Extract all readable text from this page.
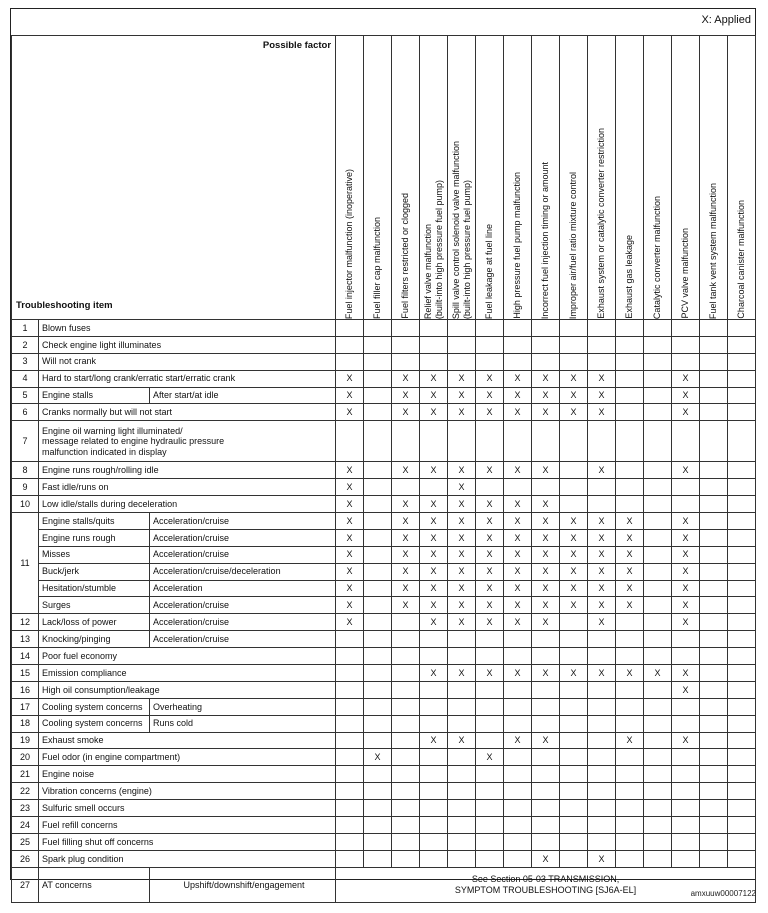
X: Applied
Possible factor
Troubleshooting item			Fuel injector malfunction (inoperative)	Fuel filler cap malfunction	Fuel filters restricted or clogged	Relief valve malfunction
(built-into high pressure fuel pump)	Spill valve control solenoid valve malfunction
(built-into high pressure fuel pump)	Fuel leakage at fuel line	High pressure fuel pump malfunction	Incorrect fuel injection timing or amount	Improper air/fuel ratio mixture control	Exhaust system or catalytic converter restriction	Exhaust gas leakage	Catalytic converter malfunction	PCV valve malfunction	Fuel tank vent system malfunction	Charcoal canister malfunction

1	Blown fuses																
2	Check engine light illuminates																
3	Will not crank																
4	Hard to start/long crank/erratic start/erratic crank		X		X	X	X	X	X	X	X	X			X		
5	Engine stalls	After start/at idle	X		X	X	X	X	X	X	X	X			X		
6	Cranks normally but will not start		X		X	X	X	X	X	X	X	X			X		
7	Engine oil warning light illuminated/
message related to engine hydraulic pressure
malfunction indicated in display																
8	Engine runs rough/rolling idle		X		X	X	X	X	X	X		X			X		
9	Fast idle/runs on		X				X										
10	Low idle/stalls during deceleration		X		X	X	X	X	X	X							
11	Engine stalls/quits	Acceleration/cruise	X		X	X	X	X	X	X	X	X	X		X		
	Engine runs rough	Acceleration/cruise	X		X	X	X	X	X	X	X	X	X		X		
	Misses	Acceleration/cruise	X		X	X	X	X	X	X	X	X	X		X		
	Buck/jerk	Acceleration/cruise/deceleration	X		X	X	X	X	X	X	X	X	X		X		
	Hesitation/stumble	Acceleration	X		X	X	X	X	X	X	X	X	X		X		
	Surges	Acceleration/cruise	X		X	X	X	X	X	X	X	X	X		X		
12	Lack/loss of power	Acceleration/cruise	X			X	X	X	X	X		X			X		
13	Knocking/pinging	Acceleration/cruise															
14	Poor fuel economy																
15	Emission compliance					X	X	X	X	X	X	X	X	X	X		
16	High oil consumption/leakage														X		
17	Cooling system concerns	Overheating															
18	Cooling system concerns	Runs cold															
19	Exhaust smoke					X	X		X	X			X		X		
20	Fuel odor (in engine compartment)			X				X									
21	Engine noise																
22	Vibration concerns (engine)																
23	Sulfuric smell occurs																
24	Fuel refill concerns																
25	Fuel filling shut off concerns																
26	Spark plug condition									X		X					
27	AT concerns	Upshift/downshift/engagement	See Section 05-03 TRANSMISSION,
SYMPTOM TROUBLESHOOTING [SJ6A-EL]															amxuuw00007122
